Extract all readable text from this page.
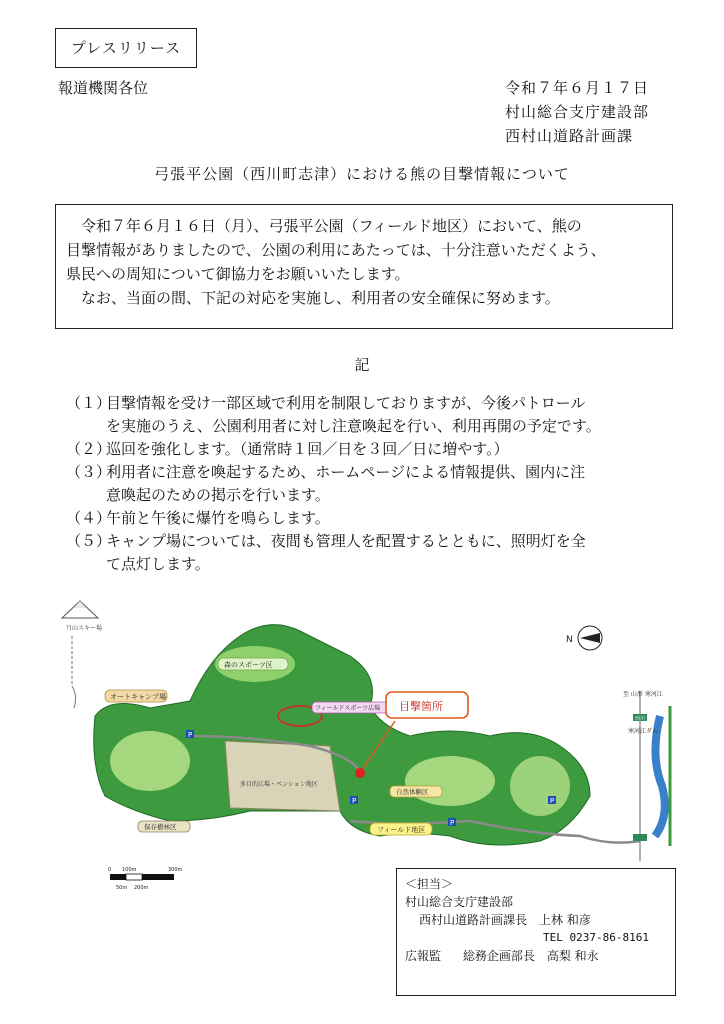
プレスリリース
報道機関各位	令和７年６月１７日
村山総合支庁建設部
西村山道路計画課
弓張平公園（西川町志津）における熊の目撃情報について

令和７年６月１６日（月）、弓張平公園（フィールド地区）において、熊の

目撃情報がありましたので、公園の利用にあたっては、十分注意いただくよう、

県民への周知について御協力をお願いいたします。

なお、当面の間、下記の対応を実施し、利用者の安全確保に努めます。

記
（１）目撃情報を受け一部区域で利用を制限しておりますが、今後パトロール
を実施のうえ、公園利用者に対し注意喚起を行い、利用再開の予定です。
（２）巡回を強化します。（通常時１回／日を３回／日に増やす。）
（３）利用者に注意を喚起するため、ホームページによる情報提供、園内に注
意喚起のための掲示を行います。
（４）午前と午後に爆竹を鳴らします。
（５）キャンプ場については、夜間も管理人を配置するとともに、照明灯を全
て点灯します。
月山スキー場
オートキャンプ場
森のスポーツ区
フィールドスポーツ広場
自然体験区
フィールド地区
保存樹林区
多目的広場・ペンション地区
至 山形 寒河江
寒河江ダム
西川
P
P
P
P
目撃箇所
N
0 100m	300m
50m 200m	＜担当＞
村山総合支庁建設部
西村山道路計画課長　上林 和彦
TEL 0237-86-8161
広報監 総務企画部長　高梨 和永
